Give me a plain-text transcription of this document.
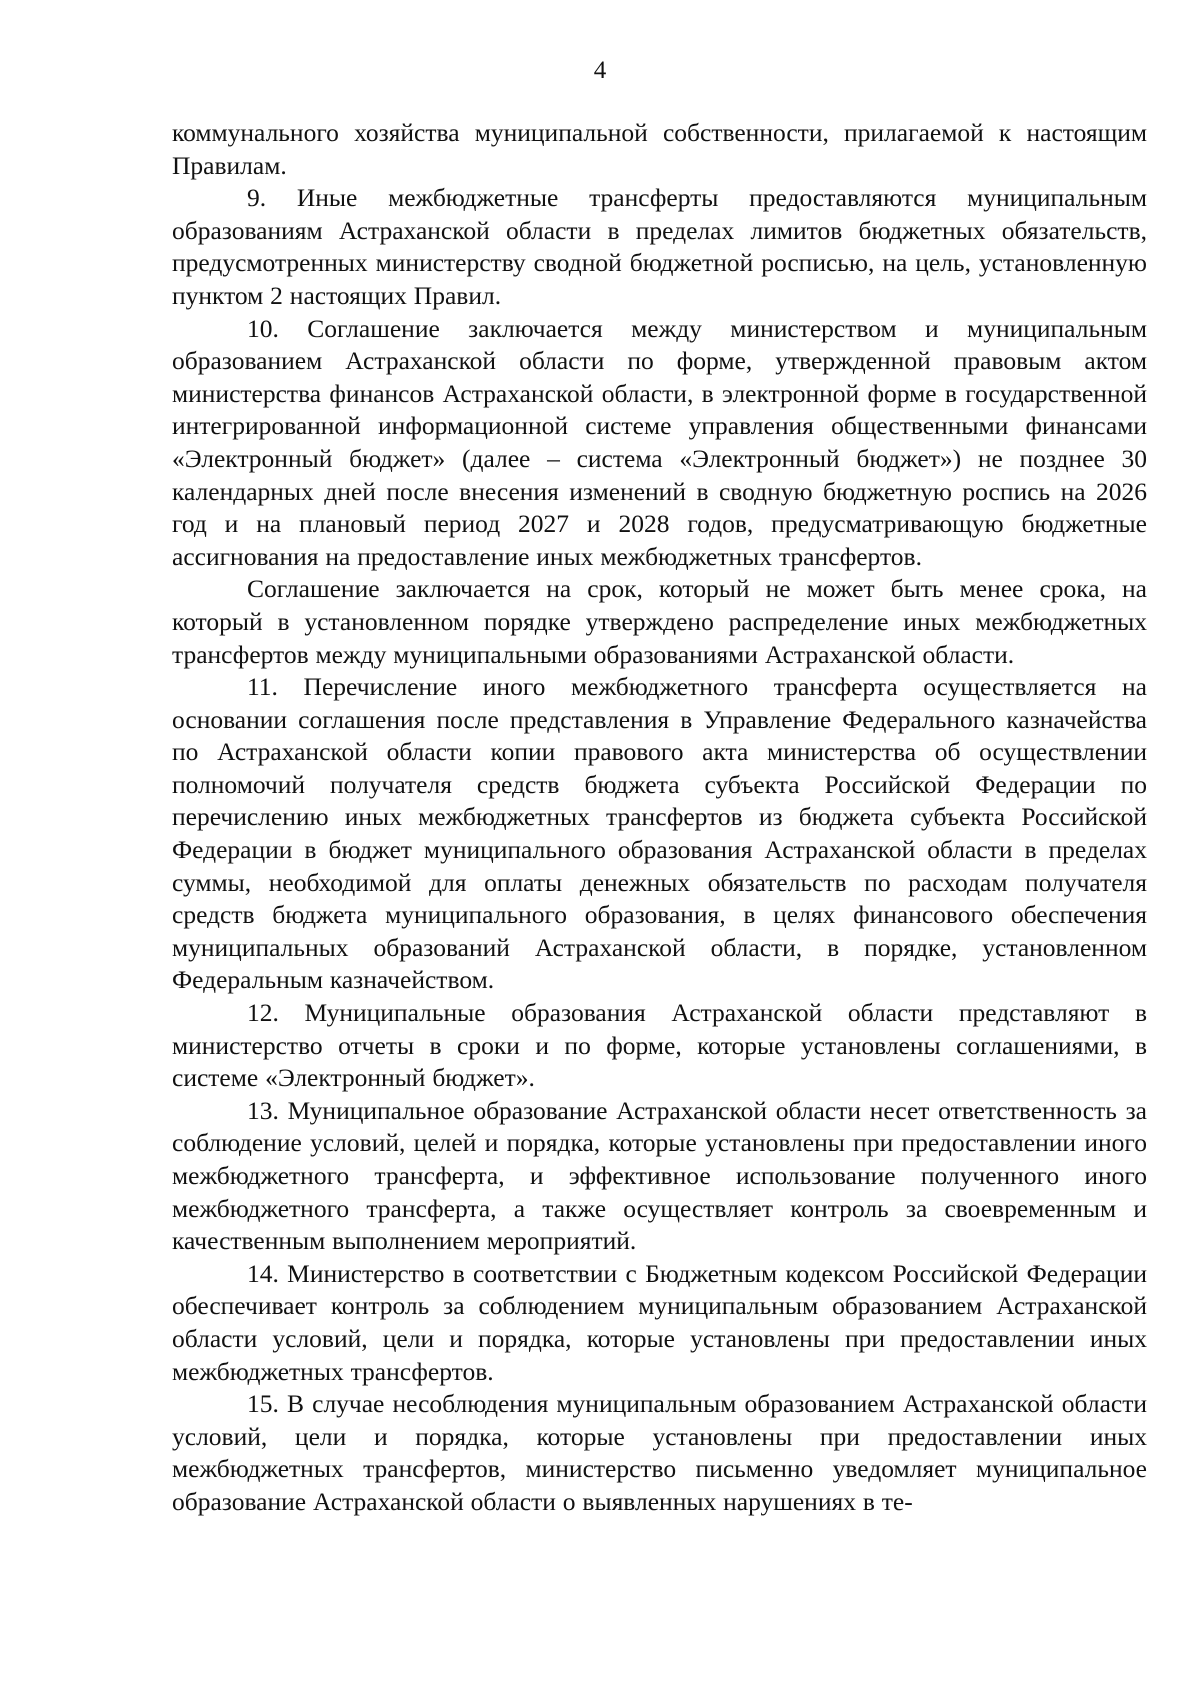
4

коммунального хозяйства муниципальной собственности, прилагаемой к настоящим Правилам.

9. Иные межбюджетные трансферты предоставляются муниципальным образованиям Астраханской области в пределах лимитов бюджетных обязательств, предусмотренных министерству сводной бюджетной росписью, на цель, установленную пунктом 2 настоящих Правил.

10. Соглашение заключается между министерством и муниципальным образованием Астраханской области по форме, утвержденной правовым актом министерства финансов Астраханской области, в электронной форме в государственной интегрированной информационной системе управления общественными финансами «Электронный бюджет» (далее – система «Электронный бюджет») не позднее 30 календарных дней после внесения изменений в сводную бюджетную роспись на 2026 год и на плановый период 2027 и 2028 годов, предусматривающую бюджетные ассигнования на предоставление иных межбюджетных трансфертов.

Соглашение заключается на срок, который не может быть менее срока, на который в установленном порядке утверждено распределение иных межбюджетных трансфертов между муниципальными образованиями Астраханской области.

11. Перечисление иного межбюджетного трансферта осуществляется на основании соглашения после представления в Управление Федерального казначейства по Астраханской области копии правового акта министерства об осуществлении полномочий получателя средств бюджета субъекта Российской Федерации по перечислению иных межбюджетных трансфертов из бюджета субъекта Российской Федерации в бюджет муниципального образования Астраханской области в пределах суммы, необходимой для оплаты денежных обязательств по расходам получателя средств бюджета муниципального образования, в целях финансового обеспечения муниципальных образований Астраханской области, в порядке, установленном Федеральным казначейством.

12. Муниципальные образования Астраханской области представляют в министерство отчеты в сроки и по форме, которые установлены соглашениями, в системе «Электронный бюджет».

13. Муниципальное образование Астраханской области несет ответственность за соблюдение условий, целей и порядка, которые установлены при предоставлении иного межбюджетного трансферта, и эффективное использование полученного иного межбюджетного трансферта, а также осуществляет контроль за своевременным и качественным выполнением мероприятий.

14. Министерство в соответствии с Бюджетным кодексом Российской Федерации обеспечивает контроль за соблюдением муниципальным образованием Астраханской области условий, цели и порядка, которые установлены при предоставлении иных межбюджетных трансфертов.

15. В случае несоблюдения муниципальным образованием Астраханской области условий, цели и порядка, которые установлены при предоставлении иных межбюджетных трансфертов, министерство письменно уведомляет муниципальное образование Астраханской области о выявленных нарушениях в те-
